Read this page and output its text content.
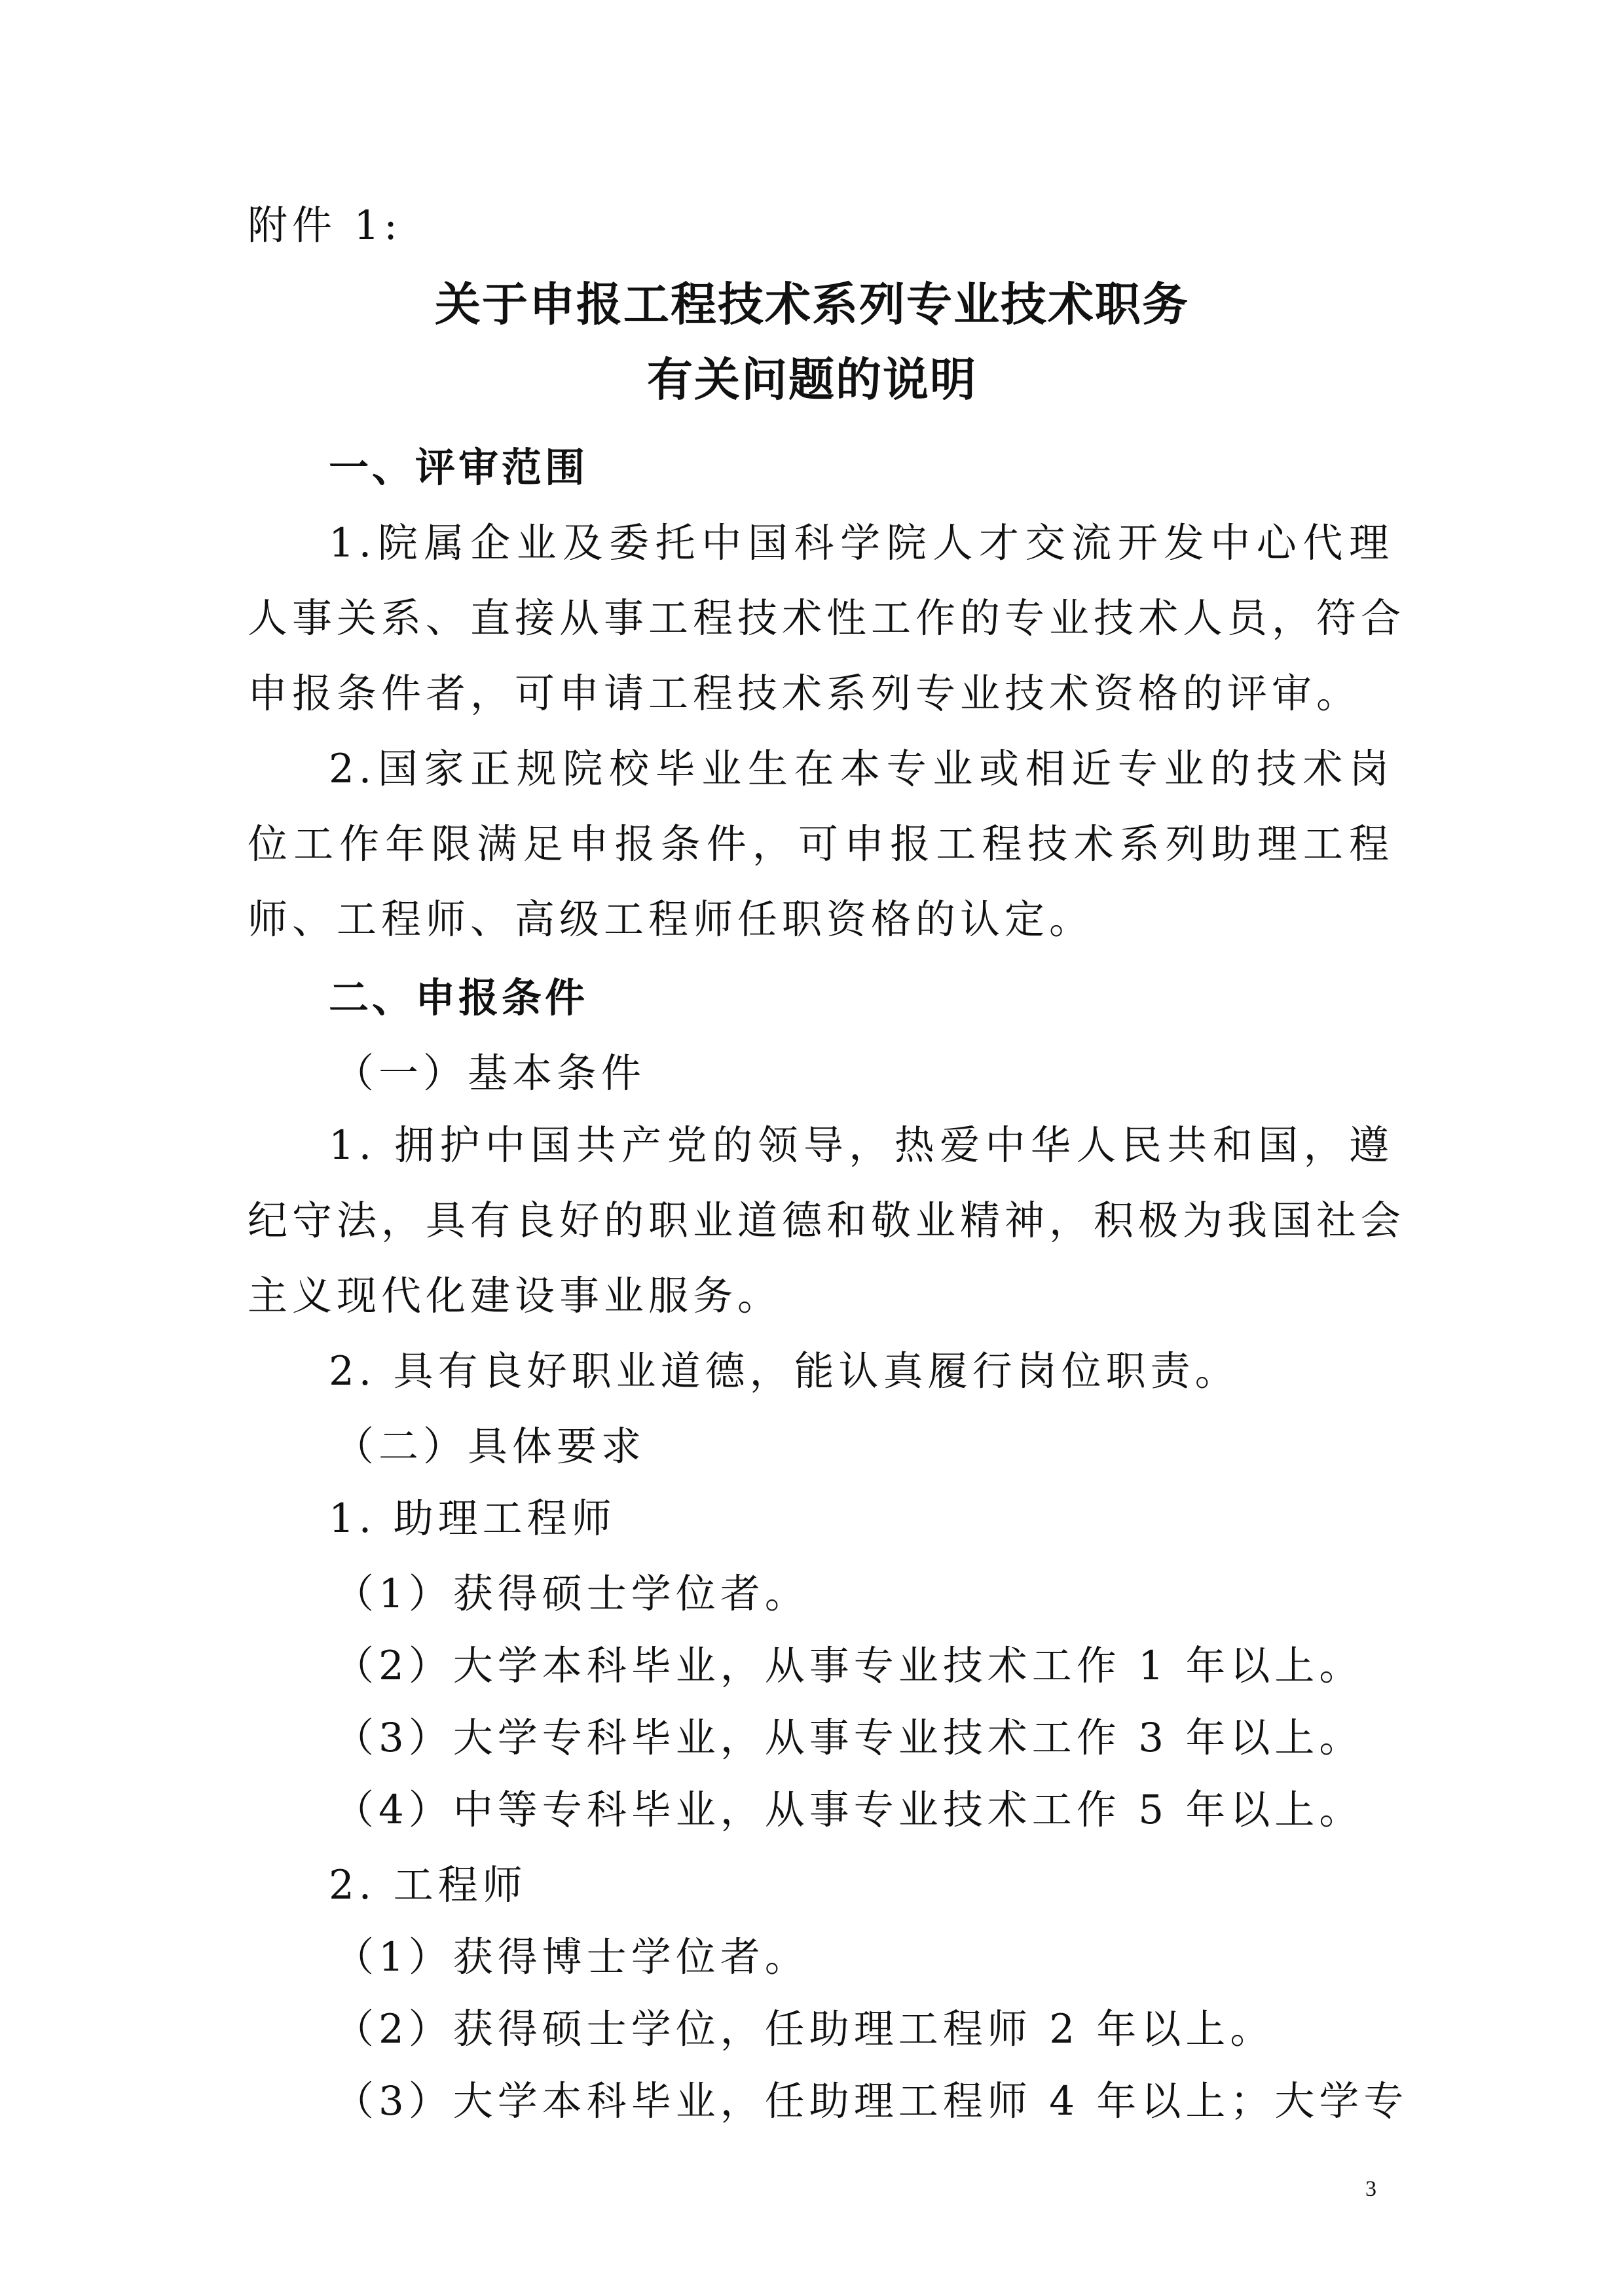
附件 1:
关于申报工程技术系列专业技术职务
有关问题的说明
一、评审范围
1.院属企业及委托中国科学院人才交流开发中心代理
人事关系、直接从事工程技术性工作的专业技术人员，符合
申报条件者，可申请工程技术系列专业技术资格的评审。
2.国家正规院校毕业生在本专业或相近专业的技术岗
位工作年限满足申报条件，可申报工程技术系列助理工程
师、工程师、高级工程师任职资格的认定。
二、申报条件
（一）基本条件
1. 拥护中国共产党的领导，热爱中华人民共和国，遵
纪守法，具有良好的职业道德和敬业精神，积极为我国社会
主义现代化建设事业服务。
2. 具有良好职业道德，能认真履行岗位职责。
（二）具体要求
1. 助理工程师
（1）获得硕士学位者。
（2）大学本科毕业，从事专业技术工作 1 年以上。
（3）大学专科毕业，从事专业技术工作 3 年以上。
（4）中等专科毕业，从事专业技术工作 5 年以上。
2. 工程师
（1）获得博士学位者。
（2）获得硕士学位，任助理工程师 2 年以上。
（3）大学本科毕业，任助理工程师 4 年以上；大学专
3
